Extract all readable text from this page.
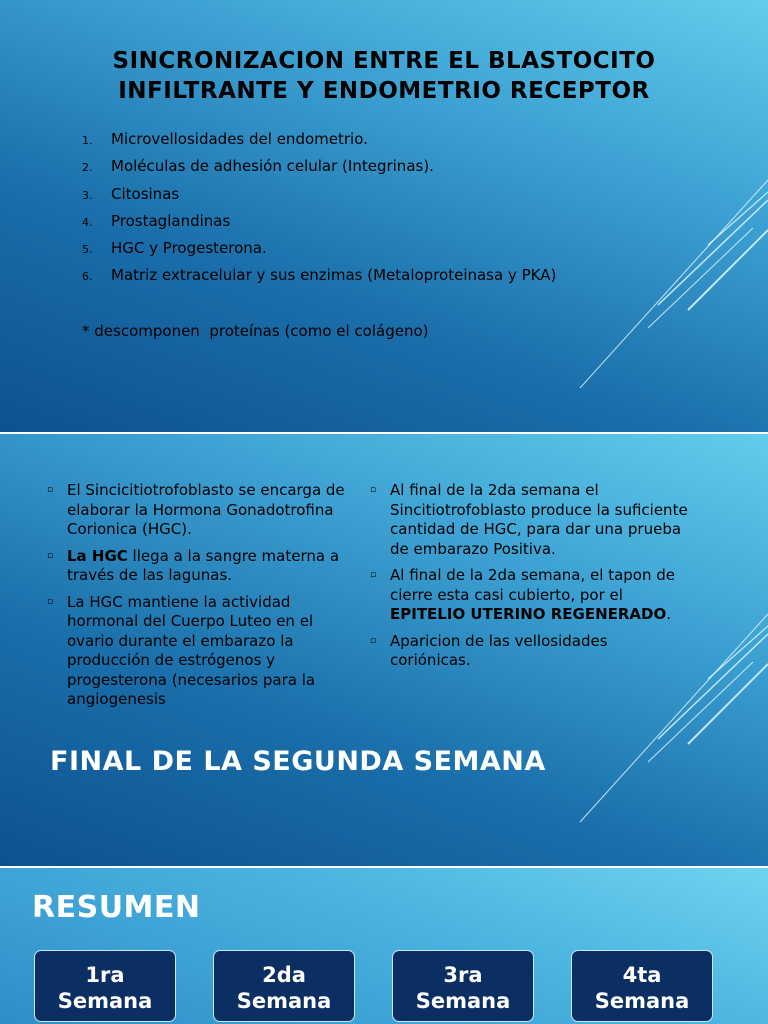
SINCRONIZACION ENTRE EL BLASTOCITO INFILTRANTE Y ENDOMETRIO RECEPTOR
1.	Microvellosidades del endometrio.
2.	Moléculas de adhesión celular (Integrinas).
3.	Citosinas
4.	Prostaglandinas
5.	HGC y Progesterona.
6.	Matriz extracelular y sus enzimas (Metaloproteinasa y PKA)
* descomponen  proteínas (como el colágeno)
▫ El Sincicitiotrofoblasto se encarga de elaborar la Hormona Gonadotrofina Corionica (HGC).
▫ La HGC llega a la sangre materna a través de las lagunas.
▫ La HGC mantiene la actividad hormonal del Cuerpo Luteo en el ovario durante el embarazo la producción de estrógenos y progesterona (necesarios para la angiogenesis
▫ Al final de la 2da semana el Sincitiotrofoblasto produce la suficiente cantidad de HGC, para dar una prueba de embarazo Positiva.
▫ Al final de la 2da semana, el tapon de cierre esta casi cubierto, por el EPITELIO UTERINO REGENERADO.
▫ Aparicion de las vellosidades coriónicas.
FINAL DE LA SEGUNDA SEMANA
RESUMEN
1ra
Semana
2da
Semana
3ra
Semana
4ta
Semana
